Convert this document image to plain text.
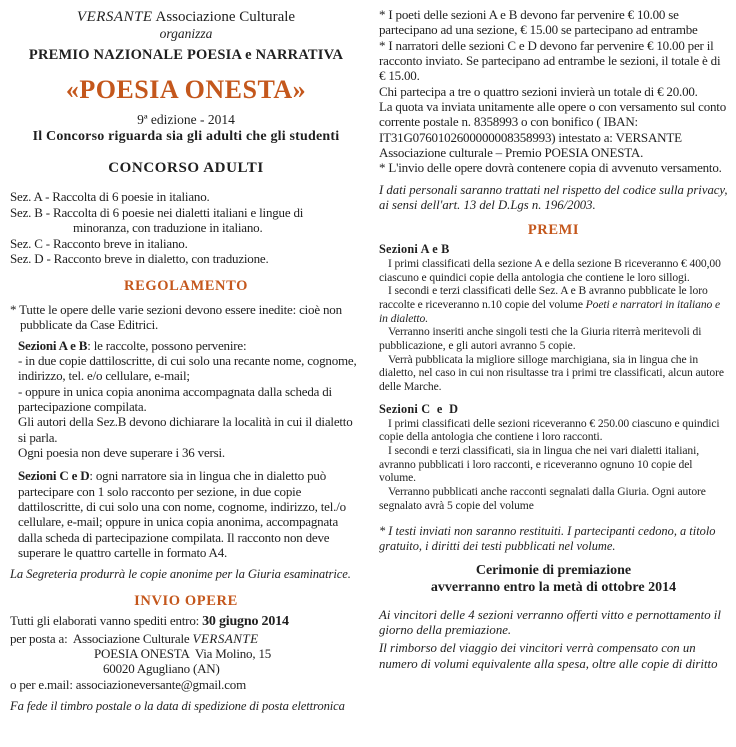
VERSANTE Associazione Culturale
organizza
PREMIO NAZIONALE POESIA e NARRATIVA
«POESIA ONESTA»
9ª edizione - 2014
Il Concorso riguarda sia gli adulti che gli studenti
CONCORSO ADULTI
Sez. A - Raccolta di 6 poesie in italiano.
Sez. B - Raccolta di 6 poesie nei dialetti italiani e lingue di minoranza, con traduzione in italiano.
Sez. C - Racconto breve in italiano.
Sez. D - Racconto breve in dialetto, con traduzione.
REGOLAMENTO
* Tutte le opere delle varie sezioni devono essere inedite: cioè non pubblicate da Case Editrici.
Sezioni A e B: le raccolte, possono pervenire:
- in due copie dattiloscritte, di cui solo una recante nome, cognome, indirizzo, tel. e/o cellulare, e-mail;
- oppure in unica copia anonima accompagnata dalla scheda di partecipazione compilata.
Gli autori della Sez.B devono dichiarare la località in cui il dialetto si parla.
Ogni poesia non deve superare i 36 versi.
Sezioni C e D: ogni narratore sia in lingua che in dialetto può partecipare con 1 solo racconto per sezione, in due copie dattiloscritte, di cui solo una con nome, cognome, indirizzo, tel./o cellulare, e-mail; oppure in unica copia anonima, accompagnata dalla scheda di partecipazione compilata. Il racconto non deve superare le quattro cartelle in formato A4.
La Segreteria produrrà le copie anonime per la Giuria esaminatrice.
INVIO OPERE
Tutti gli elaborati vanno spediti entro: 30 giugno 2014
per posta a:  Associazione Culturale VERSANTE
POESIA ONESTA  Via Molino, 15
60020 Agugliano (AN)
o per e.mail: associazioneversante@gmail.com
Fa fede il timbro postale o la data di spedizione di posta elettronica
* I poeti delle sezioni A e B devono far pervenire € 10.00 se partecipano ad una sezione, € 15.00 se partecipano ad entrambe
* I narratori delle sezioni C e D devono far pervenire € 10.00 per il racconto inviato. Se partecipano ad entrambe le sezioni, il totale è di € 15.00.
Chi partecipa a tre o quattro sezioni invierà un totale di € 20.00.
La quota va inviata unitamente alle opere o con versamento sul conto corrente postale n. 8358993 o con bonifico ( IBAN: IT31G0760102600000008358993) intestato a: VERSANTE Associazione culturale – Premio POESIA ONESTA.
* L'invio delle opere dovrà contenere copia di avvenuto versamento.
I dati personali saranno trattati nel rispetto del codice sulla privacy, ai sensi dell'art. 13 del D.Lgs n. 196/2003.
PREMI
Sezioni A e B
I primi classificati della sezione A e della sezione B riceveranno € 400,00 ciascuno e quindici copie della antologia che contiene le loro sillogi.
I secondi e terzi classificati delle Sez. A e B avranno pubblicate le loro raccolte e riceveranno n.10 copie del volume Poeti e narratori in italiano e in dialetto.
Verranno inseriti anche singoli testi che la Giuria riterrà meritevoli di pubblicazione, e gli autori avranno 5 copie.
Verrà pubblicata la migliore silloge marchigiana, sia in lingua che in dialetto, nel caso in cui non risultasse tra i primi tre classificati, alcun autore delle Marche.
Sezioni C  e  D
I primi classificati delle sezioni riceveranno € 250.00 ciascuno e quindici copie della antologia che contiene i loro racconti.
I secondi e terzi classificati, sia in lingua che nei vari dialetti italiani, avranno pubblicati i loro racconti, e riceveranno ognuno 10 copie del volume.
Verranno pubblicati anche racconti segnalati dalla Giuria. Ogni autore segnalato avrà 5 copie del volume
* I testi inviati non saranno restituiti. I partecipanti cedono, a titolo gratuito, i diritti dei testi pubblicati nel volume.
Cerimonie di premiazione
avverranno entro la metà di ottobre 2014
Ai vincitori delle 4 sezioni verranno offerti vitto e pernottamento il giorno della premiazione.
Il rimborso del viaggio dei vincitori verrà compensato con un numero di volumi equivalente alla spesa, oltre alle copie di diritto
